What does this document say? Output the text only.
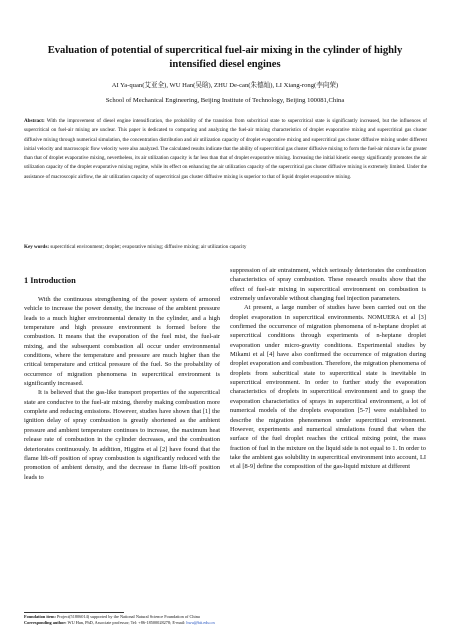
Evaluation of potential of supercritical fuel-air mixing in the cylinder of highly intensified diesel engines
AI Ya-quan(艾亚全), WU Han(吴晗), ZHU De-can(朱德灿), LI Xiang-rong(李向荣)
School of Mechanical Engineering, Beijing Institute of Technology, Beijing 100081,China
Abstract: With the improvement of diesel engine intensification, the probability of the transition from subcritical state to supercritical state is significantly increased, but the influences of supercritical on fuel-air mixing are unclear. This paper is dedicated to comparing and analyzing the fuel-air mixing characteristics of droplet evaporative mixing and supercritical gas cluster diffusive mixing through numerical simulation, the concentration distribution and air utilization capacity of droplet evaporative mixing and supercritical gas cluster diffusive mixing under different initial velocity and macroscopic flow velocity were also analyzed. The calculated results indicate that the ability of supercritical gas cluster diffusive mixing to form the fuel-air mixture is far greater than that of droplet evaporative mixing, nevertheless, its air utilization capacity is far less than that of droplet evaporative mixing. Increasing the initial kinetic energy significantly promotes the air utilization capacity of the droplet evaporative mixing regime, while its effect on enhancing the air utilization capacity of the supercritical gas cluster diffusive mixing is extremely limited. Under the assistance of macroscopic airflow, the air utilization capacity of supercritical gas cluster diffusive mixing is superior to that of liquid droplet evaporative mixing.
Key words: supercritical environment; droplet; evaporative mixing; diffusive mixing; air utilization capacity
1 Introduction

With the continuous strengthening of the power system of armored vehicle to increase the power density, the increase of the ambient pressure leads to a much higher environmental density in the cylinder, and a high temperature and high pressure environment is formed before the combustion. It means that the evaporation of the fuel mist, the fuel-air mixing, and the subsequent combustion all occur under environmental conditions, where the temperature and pressure are much higher than the critical temperature and critical pressure of the fuel. So the probability of occurrence of migration phenomena in supercritical environment is significantly increased.

It is believed that the gas-like transport properties of the supercritical state are conducive to the fuel-air mixing, thereby making combustion more complete and reducing emissions. However, studies have shown that [1] the ignition delay of spray combustion is greatly shortened as the ambient pressure and ambient temperature continues to increase, the maximum heat release rate of combustion in the cylinder decreases, and the combustion deteriorates continuously. In addition, Higgins et al [2] have found that the flame lift-off position of spray combustion is significantly reduced with the promotion of ambient density, and the decrease in flame lift-off position leads to

suppression of air entrainment, which seriously deteriorates the combustion characteristics of spray combustion. These research results show that the effect of fuel-air mixing in supercritical environment on combustion is extremely unfavorable without changing fuel injection parameters.

At present, a large number of studies have been carried out on the droplet evaporation in supercritical environments. NOMUERA et al [3] confirmed the occurrence of migration phenomena of n-heptane droplet at supercritical conditions through experiments of n-heptane droplet evaporation under micro-gravity conditions. Experimental studies by Mikami et al [4] have also confirmed the occurrence of migration during droplet evaporation and combustion. Therefore, the migration phenomena of droplets from subcritical state to supercritical state is inevitable in supercritical environment. In order to further study the evaporation characteristics of droplets in supercritical environment and to grasp the evaporation characteristics of sprays in supercritical environment, a lot of numerical models of the droplets evaporation [5-7] were established to describe the migration phenomenon under supercritical environment. However, experiments and numerical simulations found that when the surface of the fuel droplet reaches the critical mixing point, the mass fraction of fuel in the mixture on the liquid side is not equal to 1. In order to take the ambient gas solubility in supercritical environment into account, LI et al [8-9] define the composition of the gas-liquid mixture at different

Foundation item: Project(51806014) supported by the National Natural Science Foundation of China
Corresponding author: WU Han, PhD, Associate professor; Tel: +86-18500028278; E-mail: hwu@bit.edu.cn
